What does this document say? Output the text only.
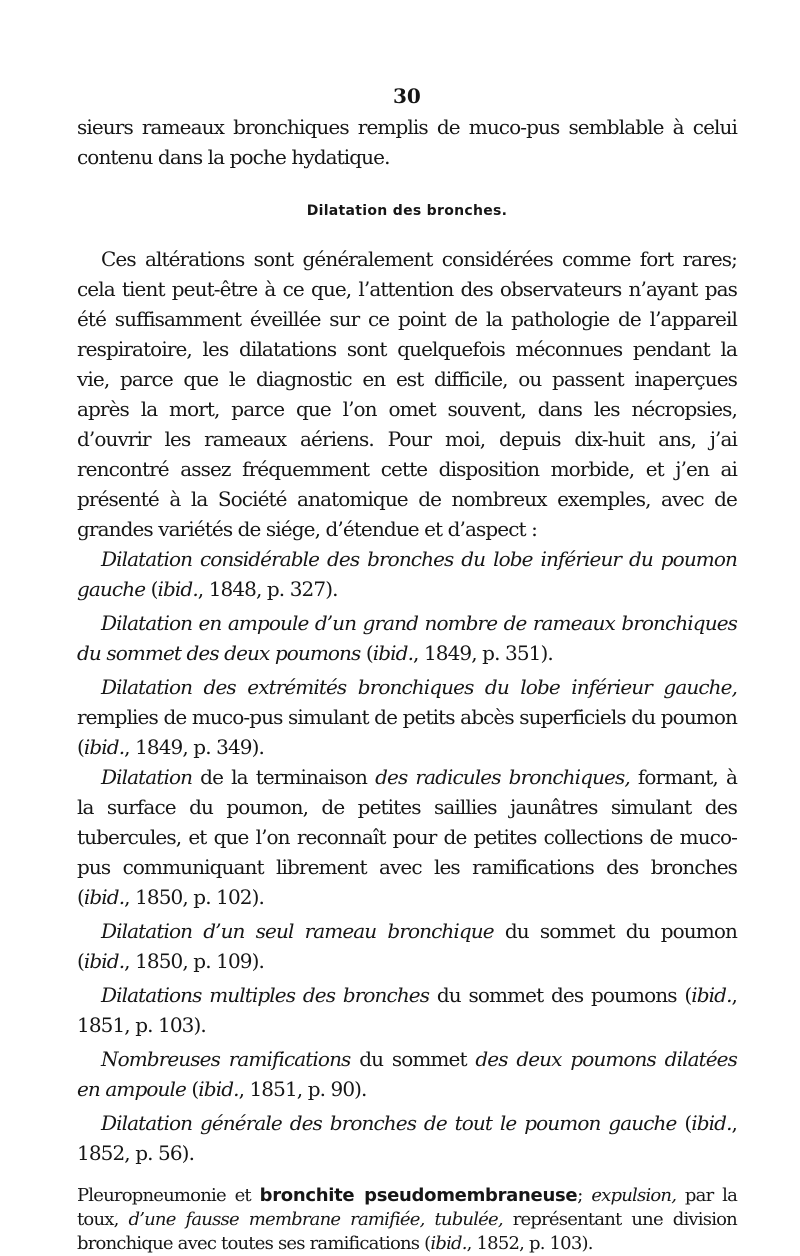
30

sieurs rameaux bronchiques remplis de muco-pus semblable à celui contenu dans la poche hydatique.

Dilatation des bronches.

Ces altérations sont généralement considérées comme fort rares; cela tient peut-être à ce que, l’attention des observateurs n’ayant pas été suffisamment éveillée sur ce point de la pathologie de l’appareil respiratoire, les dilatations sont quelquefois méconnues pendant la vie, parce que le diagnostic en est difficile, ou passent inaperçues après la mort, parce que l’on omet souvent, dans les nécropsies, d’ouvrir les rameaux aériens. Pour moi, depuis dix-huit ans, j’ai rencontré assez fréquemment cette disposition morbide, et j’en ai présenté à la Société anatomique de nombreux exemples, avec de grandes variétés de siége, d’étendue et d’aspect :

Dilatation considérable des bronches du lobe inférieur du poumon gauche (ibid., 1848, p. 327).

Dilatation en ampoule d’un grand nombre de rameaux bronchiques du sommet des deux poumons (ibid., 1849, p. 351).

Dilatation des extrémités bronchiques du lobe inférieur gauche, remplies de muco-pus simulant de petits abcès superficiels du poumon (ibid., 1849, p. 349).

Dilatation de la terminaison des radicules bronchiques, formant, à la surface du poumon, de petites saillies jaunâtres simulant des tubercules, et que l’on reconnaît pour de petites collections de muco-pus communiquant librement avec les ramifications des bronches (ibid., 1850, p. 102).

Dilatation d’un seul rameau bronchique du sommet du poumon (ibid., 1850, p. 109).

Dilatations multiples des bronches du sommet des poumons (ibid., 1851, p. 103).

Nombreuses ramifications du sommet des deux poumons dilatées en ampoule (ibid., 1851, p. 90).

Dilatation générale des bronches de tout le poumon gauche (ibid., 1852, p. 56).

Pleuropneumonie et bronchite pseudomembraneuse; expulsion, par la toux, d’une fausse membrane ramifiée, tubulée, représentant une division bronchique avec toutes ses ramifications (ibid., 1852, p. 103).
